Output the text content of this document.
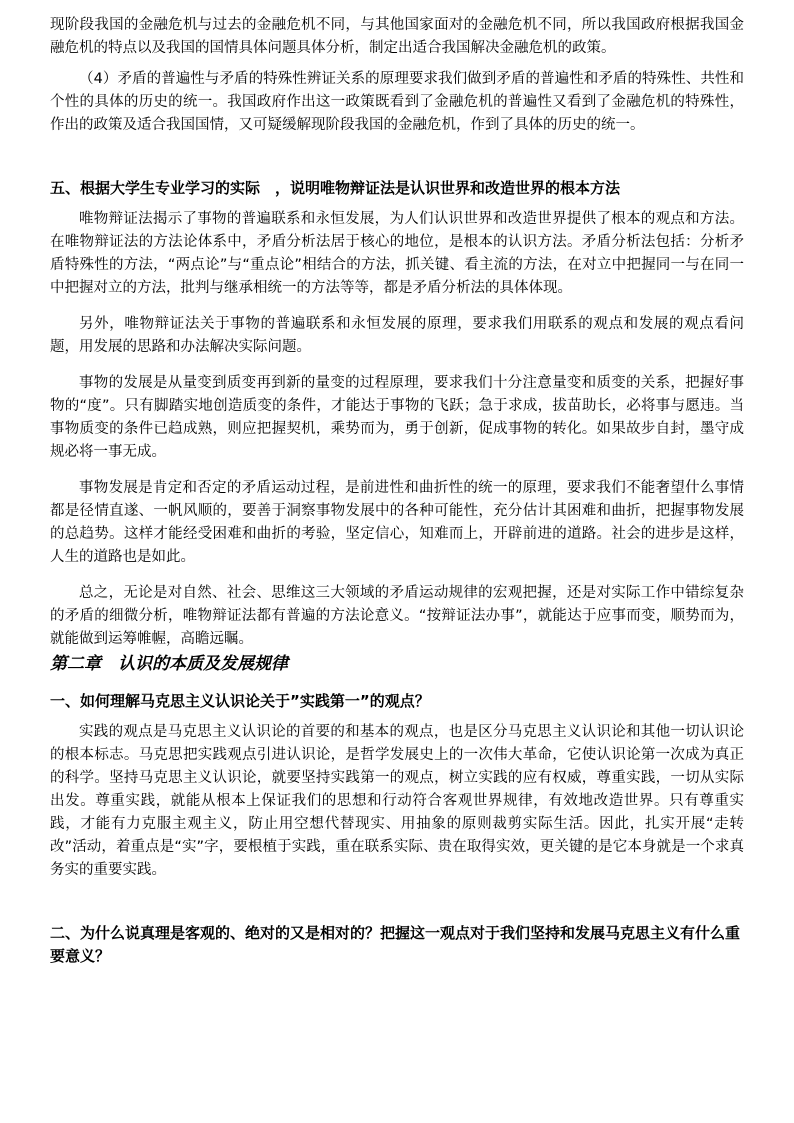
现阶段我国的金融危机与过去的金融危机不同，与其他国家面对的金融危机不同，所以我国政府根据我国金融危机的特点以及我国的国情具体问题具体分析，制定出适合我国解决金融危机的政策。

（4）矛盾的普遍性与矛盾的特殊性辨证关系的原理要求我们做到矛盾的普遍性和矛盾的特殊性、共性和个性的具体的历史的统一。我国政府作出这一政策既看到了金融危机的普遍性又看到了金融危机的特殊性，作出的政策及适合我国国情，又可疑缓解现阶段我国的金融危机，作到了具体的历史的统一。

五、根据大学生专业学习的实际　，说明唯物辩证法是认识世界和改造世界的根本方法

唯物辩证法揭示了事物的普遍联系和永恒发展，为人们认识世界和改造世界提供了根本的观点和方法。在唯物辩证法的方法论体系中，矛盾分析法居于核心的地位，是根本的认识方法。矛盾分析法包括：分析矛盾特殊性的方法，“两点论”与“重点论”相结合的方法，抓关键、看主流的方法，在对立中把握同一与在同一中把握对立的方法，批判与继承相统一的方法等等，都是矛盾分析法的具体体现。

另外，唯物辩证法关于事物的普遍联系和永恒发展的原理，要求我们用联系的观点和发展的观点看问题，用发展的思路和办法解决实际问题。

事物的发展是从量变到质变再到新的量变的过程原理，要求我们十分注意量变和质变的关系，把握好事物的“度”。只有脚踏实地创造质变的条件，才能达于事物的飞跃；急于求成，拔苗助长，必将事与愿违。当事物质变的条件已趋成熟，则应把握契机，乘势而为，勇于创新，促成事物的转化。如果故步自封，墨守成规必将一事无成。

事物发展是肯定和否定的矛盾运动过程，是前进性和曲折性的统一的原理，要求我们不能奢望什么事情都是径情直遂、一帆风顺的，要善于洞察事物发展中的各种可能性，充分估计其困难和曲折，把握事物发展的总趋势。这样才能经受困难和曲折的考验，坚定信心，知难而上，开辟前进的道路。社会的进步是这样，人生的道路也是如此。

总之，无论是对自然、社会、思维这三大领域的矛盾运动规律的宏观把握，还是对实际工作中错综复杂的矛盾的细微分析，唯物辩证法都有普遍的方法论意义。“按辩证法办事”，就能达于应事而变，顺势而为，就能做到运筹帷幄，高瞻远瞩。

第二章　认识的本质及发展规律
一、如何理解马克思主义认识论关于”实践第一”的观点？

实践的观点是马克思主义认识论的首要的和基本的观点，也是区分马克思主义认识论和其他一切认识论的根本标志。马克思把实践观点引进认识论，是哲学发展史上的一次伟大革命，它使认识论第一次成为真正的科学。坚持马克思主义认识论，就要坚持实践第一的观点，树立实践的应有权威，尊重实践，一切从实际出发。尊重实践，就能从根本上保证我们的思想和行动符合客观世界规律，有效地改造世界。只有尊重实践，才能有力克服主观主义，防止用空想代替现实、用抽象的原则裁剪实际生活。因此，扎实开展“走转改”活动，着重点是“实”字，要根植于实践，重在联系实际、贵在取得实效，更关键的是它本身就是一个求真务实的重要实践。

二、为什么说真理是客观的、绝对的又是相对的？把握这一观点对于我们坚持和发展马克思主义有什么重要意义？
